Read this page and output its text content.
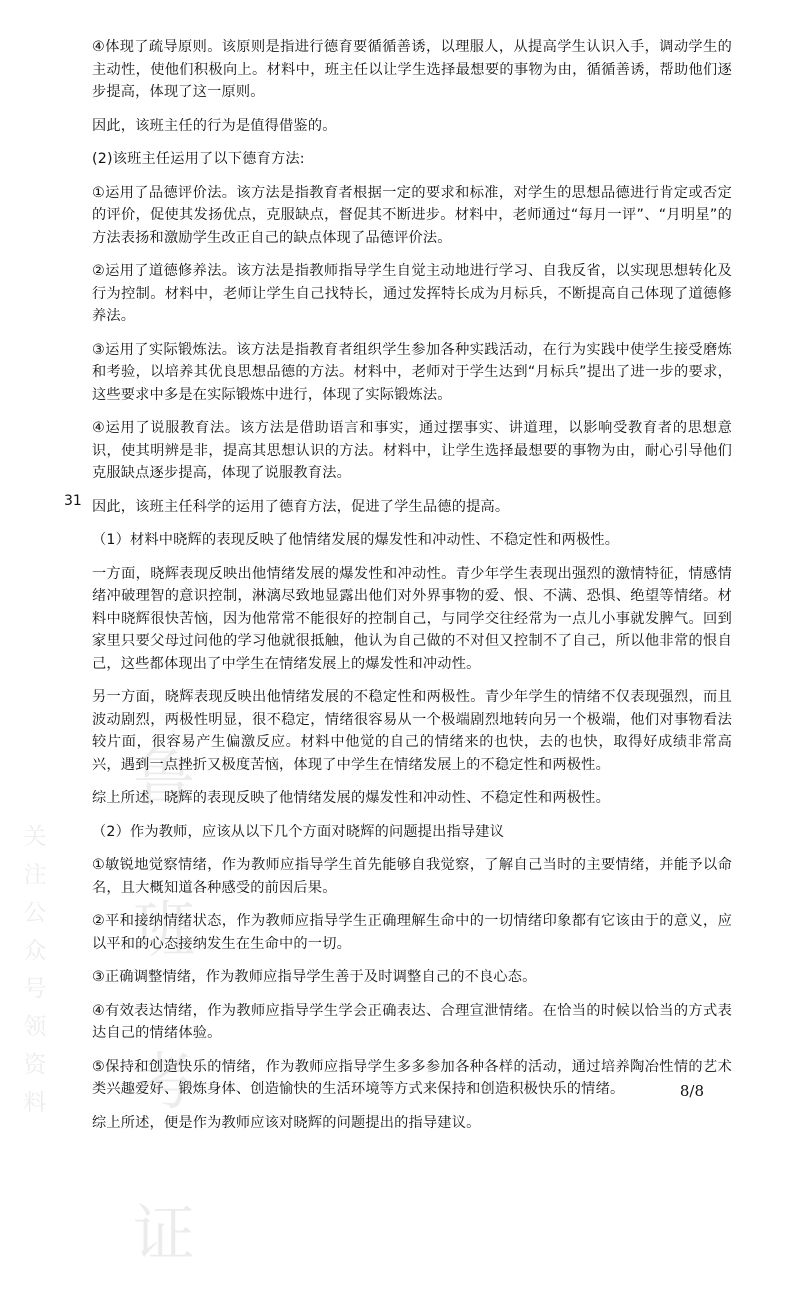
鲁
班
考
证
关
注
公
众
号
领
资
料
31

④体现了疏导原则。该原则是指进行德育要循循善诱，以理服人，从提高学生认识入手，调动学生的主动性，使他们积极向上。材料中，班主任以让学生选择最想要的事物为由，循循善诱，帮助他们逐步提高，体现了这一原则。

因此，该班主任的行为是值得借鉴的。

(2)该班主任运用了以下德育方法:

①运用了品德评价法。该方法是指教育者根据一定的要求和标准，对学生的思想品德进行肯定或否定的评价，促使其发扬优点，克服缺点，督促其不断进步。材料中，老师通过“每月一评”、“月明星”的方法表扬和激励学生改正自己的缺点体现了品德评价法。

②运用了道德修养法。该方法是指教师指导学生自觉主动地进行学习、自我反省，以实现思想转化及行为控制。材料中，老师让学生自己找特长，通过发挥特长成为月标兵，不断提高自己体现了道德修养法。

③运用了实际锻炼法。该方法是指教育者组织学生参加各种实践活动，在行为实践中使学生接受磨炼和考验，以培养其优良思想品德的方法。材料中，老师对于学生达到“月标兵”提出了进一步的要求，这些要求中多是在实际锻炼中进行，体现了实际锻炼法。

④运用了说服教育法。该方法是借助语言和事实，通过摆事实、讲道理，以影响受教育者的思想意识，使其明辨是非，提高其思想认识的方法。材料中，让学生选择最想要的事物为由，耐心引导他们克服缺点逐步提高，体现了说服教育法。

因此，该班主任科学的运用了德育方法，促进了学生品德的提高。

（1）材料中晓辉的表现反映了他情绪发展的爆发性和冲动性、不稳定性和两极性。

一方面，晓辉表现反映出他情绪发展的爆发性和冲动性。青少年学生表现出强烈的激情特征，情感情绪冲破理智的意识控制，淋漓尽致地显露出他们对外界事物的爱、恨、不满、恐惧、绝望等情绪。材料中晓辉很快苦恼，因为他常常不能很好的控制自己，与同学交往经常为一点儿小事就发脾气。回到家里只要父母过问他的学习他就很抵触，他认为自己做的不对但又控制不了自己，所以他非常的恨自己，这些都体现出了中学生在情绪发展上的爆发性和冲动性。

另一方面，晓辉表现反映出他情绪发展的不稳定性和两极性。青少年学生的情绪不仅表现强烈，而且波动剧烈，两极性明显，很不稳定，情绪很容易从一个极端剧烈地转向另一个极端，他们对事物看法较片面，很容易产生偏激反应。材料中他觉的自己的情绪来的也快，去的也快，取得好成绩非常高兴，遇到一点挫折又极度苦恼，体现了中学生在情绪发展上的不稳定性和两极性。

综上所述，晓辉的表现反映了他情绪发展的爆发性和冲动性、不稳定性和两极性。

（2）作为教师，应该从以下几个方面对晓辉的问题提出指导建议

①敏锐地觉察情绪，作为教师应指导学生首先能够自我觉察，了解自己当时的主要情绪，并能予以命名，且大概知道各种感受的前因后果。

②平和接纳情绪状态，作为教师应指导学生正确理解生命中的一切情绪印象都有它该由于的意义，应以平和的心态接纳发生在生命中的一切。

③正确调整情绪，作为教师应指导学生善于及时调整自己的不良心态。

④有效表达情绪，作为教师应指导学生学会正确表达、合理宣泄情绪。在恰当的时候以恰当的方式表达自己的情绪体验。

⑤保持和创造快乐的情绪，作为教师应指导学生多多参加各种各样的活动，通过培养陶冶性情的艺术类兴趣爱好、锻炼身体、创造愉快的生活环境等方式来保持和创造积极快乐的情绪。

综上所述，便是作为教师应该对晓辉的问题提出的指导建议。

8/8
